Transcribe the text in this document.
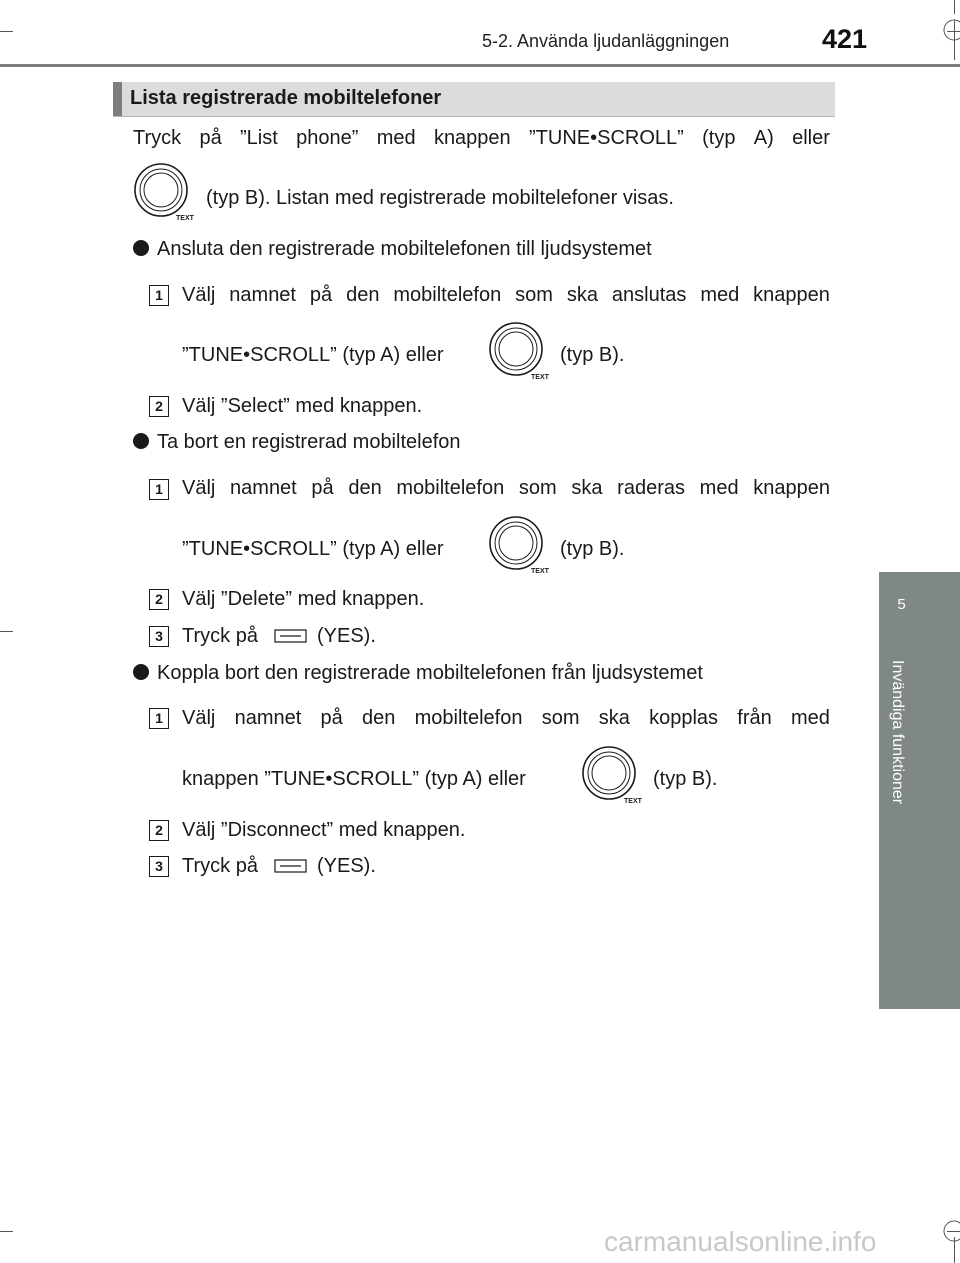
5-2. Använda ljudanläggningen	421
5
Invändiga funktioner
Lista registrerade mobiltelefoner
Tryck på ”List phone” med knappen ”TUNE•SCROLL” (typ A) eller
TEXT
(typ B). Listan med registrerade mobiltelefoner visas.
Ansluta den registrerade mobiltelefonen till ljudsystemet
1 Välj namnet på den mobiltelefon som ska anslutas med knappen
”TUNE•SCROLL” (typ A) eller
TEXT
(typ B).
2 Välj ”Select” med knappen.
Ta bort en registrerad mobiltelefon
1 Välj namnet på den mobiltelefon som ska raderas med knappen
”TUNE•SCROLL” (typ A) eller
TEXT
(typ B).
2 Välj ”Delete” med knappen.
3 Tryck på	(YES).
Koppla bort den registrerade mobiltelefonen från ljudsystemet
1 Välj namnet på den mobiltelefon som ska kopplas från med
knappen ”TUNE•SCROLL” (typ A) eller
TEXT
(typ B).
2 Välj ”Disconnect” med knappen.
3 Tryck på	(YES).
carmanualsonline.info
